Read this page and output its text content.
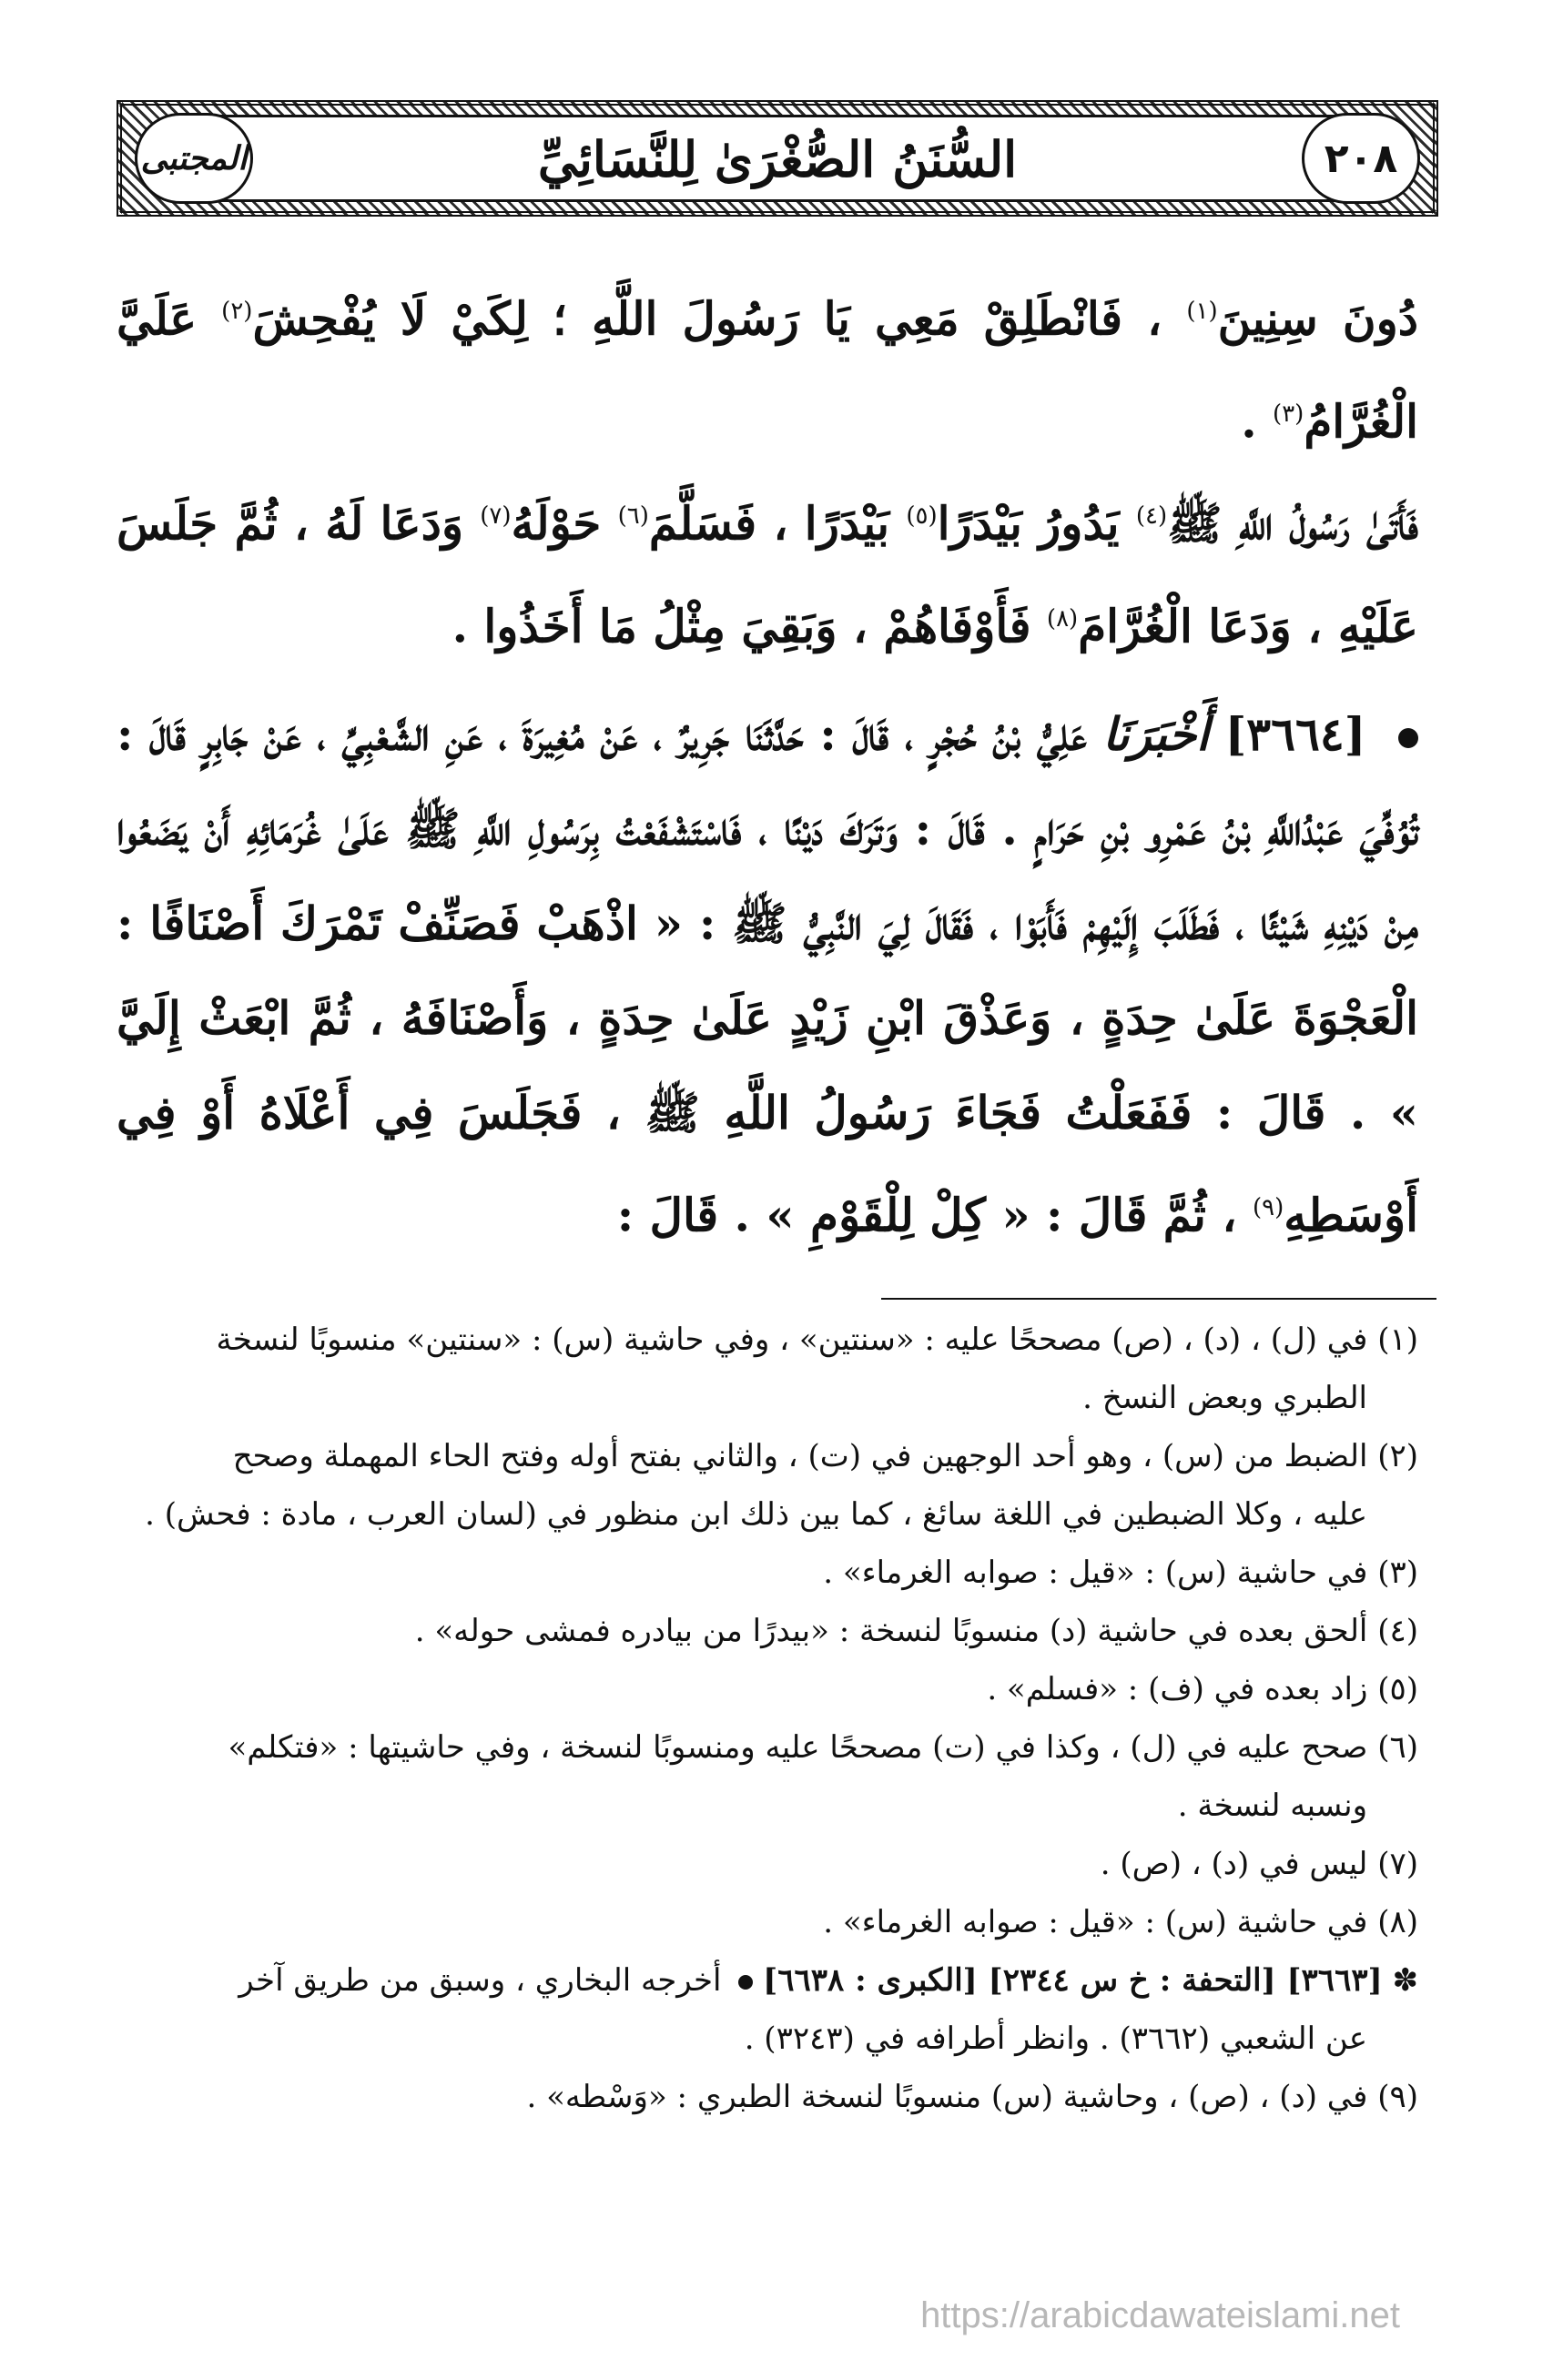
السُّنَنُ الصُّغْرَىٰ لِلنَّسَائِيِّ	٢٠٨
المجتبى

دُونَ سِنِينَ$^{(١)}$ ، فَانْطَلِقْ مَعِي يَا رَسُولَ اللَّهِ ؛ لِكَيْ لَا يُفْحِشَ$^{(٢)}$ عَلَيَّ الْغُرَّامُ$^{(٣)}$ .

فَأَتَىٰ رَسُولُ اللَّهِ ﷺ$^{(٤)}$ يَدُورُ بَيْدَرًا$^{(٥)}$ بَيْدَرًا ، فَسَلَّمَ$^{(٦)}$ حَوْلَهُ$^{(٧)}$ وَدَعَا لَهُ ، ثُمَّ جَلَسَ عَلَيْهِ ، وَدَعَا الْغُرَّامَ$^{(٨)}$ فَأَوْفَاهُمْ ، وَبَقِيَ مِثْلُ مَا أَخَذُوا .

[٣٦٦٤] أَخْبَرَنَا عَلِيُّ بْنُ حُجْرٍ ، قَالَ : حَدَّثَنَا جَرِيرٌ ، عَنْ مُغِيرَةَ ، عَنِ الشَّعْبِيِّ ، عَنْ جَابِرٍ قَالَ : تُوُفِّيَ عَبْدُاللَّهِ بْنُ عَمْرِو بْنِ حَرَامٍ . قَالَ : وَتَرَكَ دَيْنًا ، فَاسْتَشْفَعْتُ بِرَسُولِ اللَّهِ ﷺ عَلَىٰ غُرَمَائِهِ أَنْ يَضَعُوا مِنْ دَيْنِهِ شَيْئًا ، فَطَلَبَ إِلَيْهِمْ فَأَبَوْا ، فَقَالَ لِيَ النَّبِيُّ ﷺ : « اذْهَبْ فَصَنِّفْ تَمْرَكَ أَصْنَافًا : الْعَجْوَةَ عَلَىٰ حِدَةٍ ، وَعَذْقَ ابْنِ زَيْدٍ عَلَىٰ حِدَةٍ ، وَأَصْنَافَهُ ، ثُمَّ ابْعَثْ إِلَيَّ » . قَالَ : فَفَعَلْتُ فَجَاءَ رَسُولُ اللَّهِ ﷺ ، فَجَلَسَ فِي أَعْلَاهُ أَوْ فِي أَوْسَطِهِ$^{(٩)}$ ، ثُمَّ قَالَ : « كِلْ لِلْقَوْمِ » . قَالَ :

(١) في (ل) ، (د) ، (ص) مصححًا عليه : «سنتين» ، وفي حاشية (س) : «سنتين» منسوبًا لنسخة
الطبري وبعض النسخ .

(٢) الضبط من (س) ، وهو أحد الوجهين في (ت) ، والثاني بفتح أوله وفتح الحاء المهملة وصحح
عليه ، وكلا الضبطين في اللغة سائغ ، كما بين ذلك ابن منظور في (لسان العرب ، مادة : فحش) .

(٣) في حاشية (س) : «قيل : صوابه الغرماء» .

(٤) ألحق بعده في حاشية (د) منسوبًا لنسخة : «بيدرًا من بيادره فمشى حوله» .

(٥) زاد بعده في (ف) : «فسلم» .

(٦) صحح عليه في (ل) ، وكذا في (ت) مصححًا عليه ومنسوبًا لنسخة ، وفي حاشيتها : «فتكلم»
ونسبه لنسخة .

(٧) ليس في (د) ، (ص) .

(٨) في حاشية (س) : «قيل : صوابه الغرماء» .

✽ [٣٦٦٣] [التحفة : خ س ٢٣٤٤] [الكبرى : ٦٦٣٨]  أخرجه البخاري ، وسبق من طريق آخر
عن الشعبي (٣٦٦٢) . وانظر أطرافه في (٣٢٤٣) .

(٩) في (د) ، (ص) ، وحاشية (س) منسوبًا لنسخة الطبري : «وَسْطه» .

https://arabicdawateislami.net
